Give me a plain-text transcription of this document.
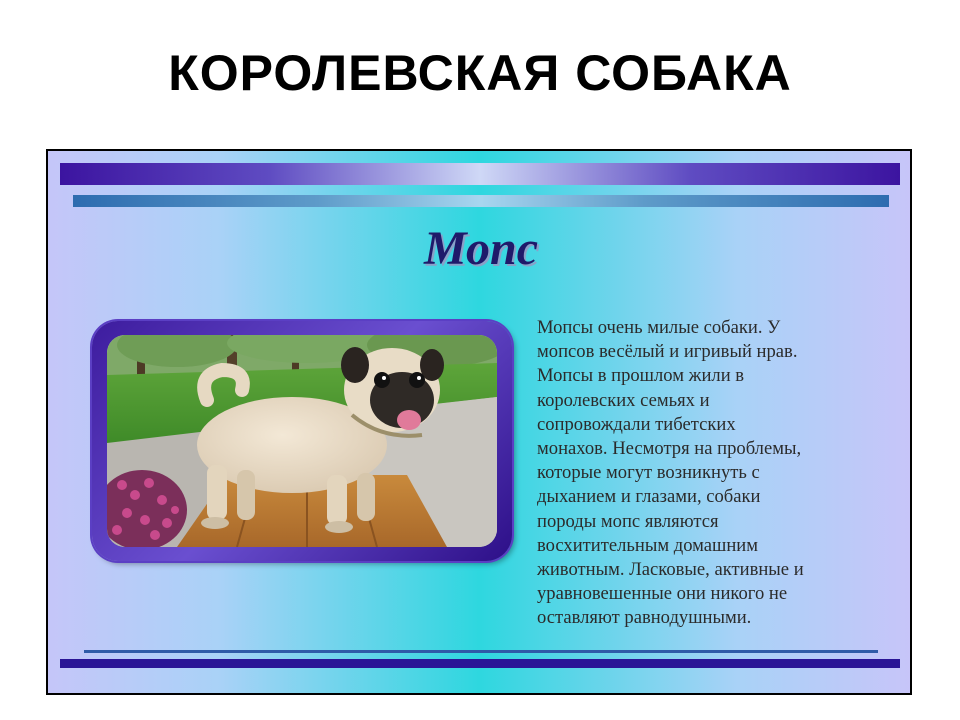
КОРОЛЕВСКАЯ СОБАКА
Мопс
Мопсы очень милые собаки. У
мопсов весёлый и игривый нрав.
Мопсы в прошлом жили в
королевских семьях и
сопровождали тибетских
монахов. Несмотря на проблемы,
которые могут возникнуть с
дыханием и глазами, собаки
породы мопс являются
восхитительным домашним
животным. Ласковые, активные и
уравновешенные они никого не
оставляют равнодушными.
